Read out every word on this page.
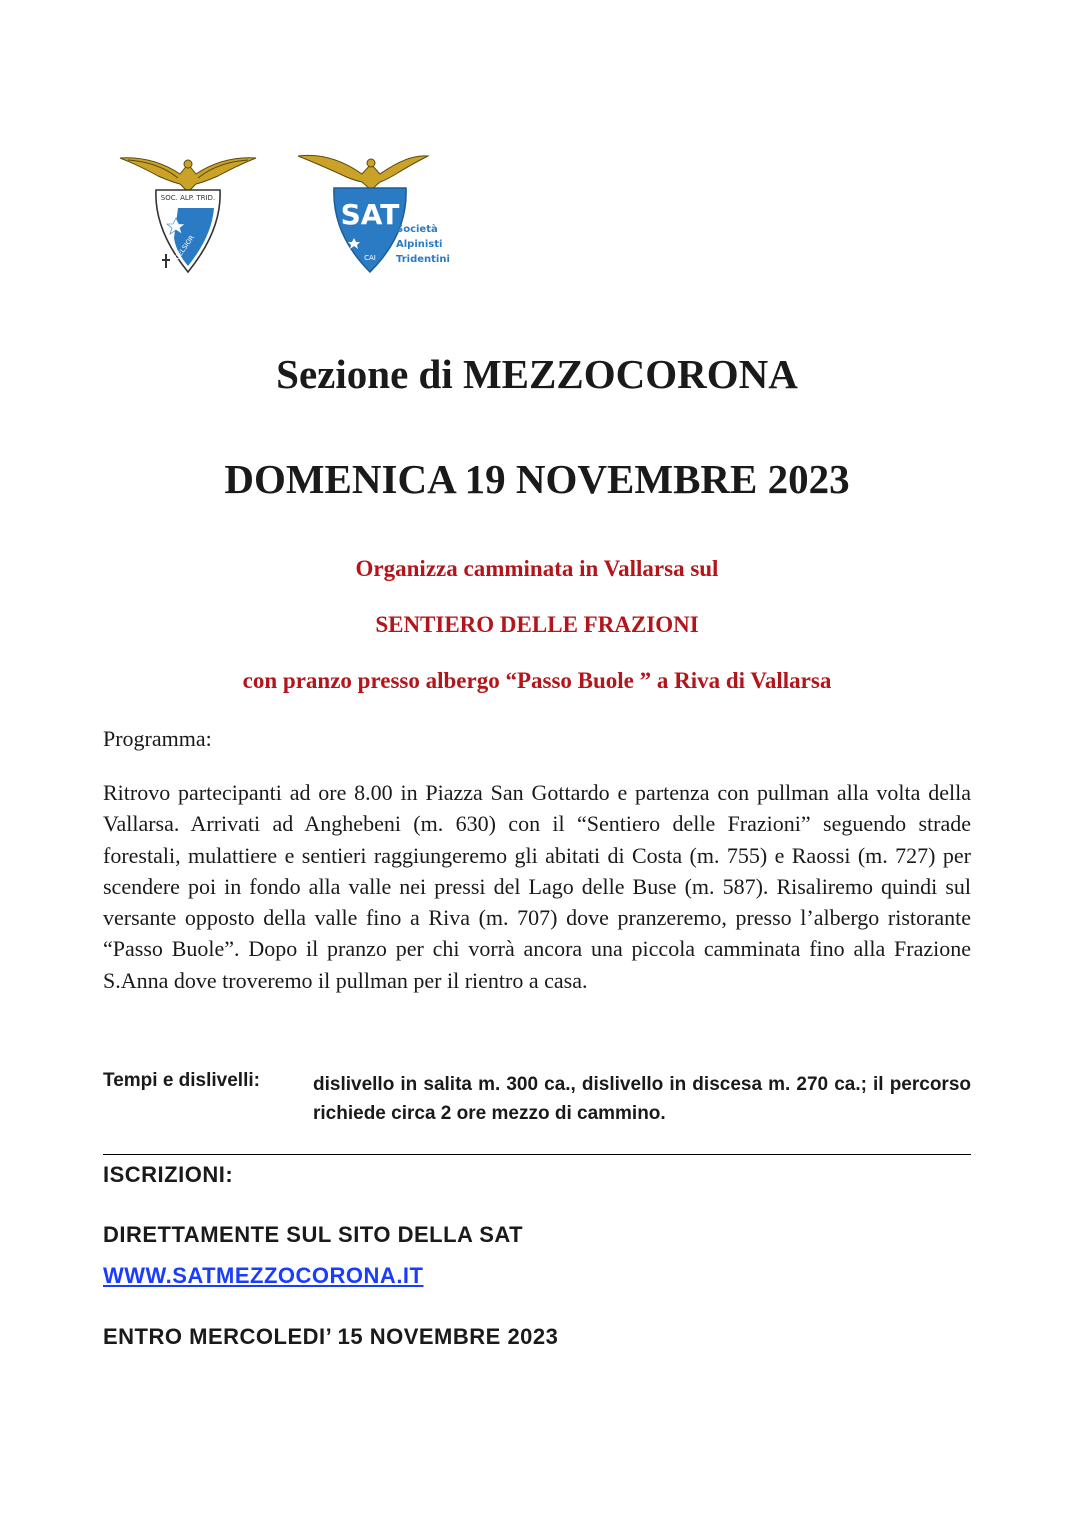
SOC. ALP. TRID.
EXCELSIOR
SAT
CAI
Società
Alpinisti
Tridentini
Sezione di MEZZOCORONA
DOMENICA 19 NOVEMBRE 2023
Organizza camminata in Vallarsa sul
SENTIERO DELLE FRAZIONI
con pranzo presso albergo “Passo Buole ” a Riva di Vallarsa
Programma:
Ritrovo partecipanti ad ore 8.00 in Piazza San Gottardo e partenza con pullman alla volta della Vallarsa. Arrivati ad Anghebeni (m. 630) con il “Sentiero delle Frazioni” seguendo strade forestali, mulattiere e sentieri raggiungeremo gli abitati di Costa (m. 755) e Raossi (m. 727) per scendere poi in fondo alla valle nei pressi del Lago delle Buse (m. 587). Risaliremo quindi sul versante opposto della valle fino a Riva (m. 707) dove pranzeremo, presso l’albergo ristorante “Passo Buole”. Dopo il pranzo per chi vorrà ancora una piccola camminata fino alla Frazione S.Anna dove troveremo il pullman per il rientro a casa.
Tempi e dislivelli:	dislivello in salita m. 300 ca., dislivello in discesa m. 270 ca.; il percorso richiede circa 2 ore mezzo di cammino.
ISCRIZIONI:
DIRETTAMENTE SUL SITO DELLA SAT
WWW.SATMEZZOCORONA.IT
ENTRO MERCOLEDI’ 15 NOVEMBRE 2023
